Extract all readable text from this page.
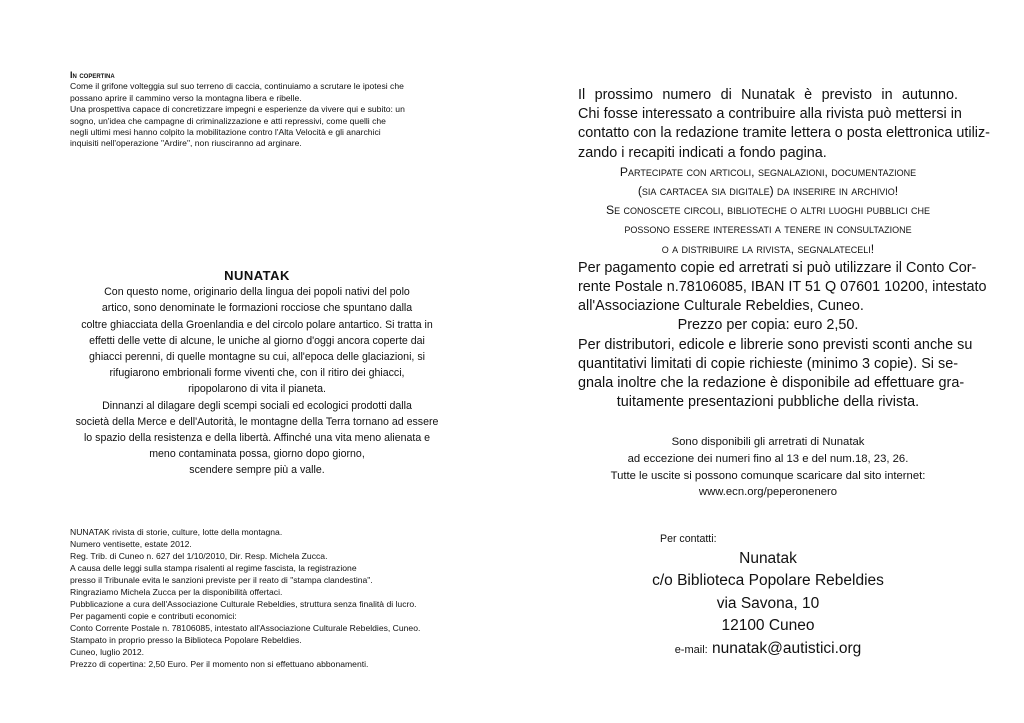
In copertina
Come il grifone volteggia sul suo terreno di caccia, continuiamo a scrutare le ipotesi che
possano aprire il cammino verso la montagna libera e ribelle.
Una prospettiva capace di concretizzare impegni e esperienze da vivere qui e subito: un
sogno, un'idea che campagne di criminalizzazione e atti repressivi, come quelli che
negli ultimi mesi hanno colpito la mobilitazione contro l'Alta Velocità e gli anarchici
inquisiti nell'operazione "Ardire", non riusciranno ad arginare.
NUNATAK
Con questo nome, originario della lingua dei popoli nativi del polo
artico, sono denominate le formazioni rocciose che spuntano dalla
coltre ghiacciata della Groenlandia e del circolo polare antartico. Si tratta in
effetti delle vette di alcune, le uniche al giorno d'oggi ancora coperte dai
ghiacci perenni, di quelle montagne su cui, all'epoca delle glaciazioni, si
rifugiarono embrionali forme viventi che, con il ritiro dei ghiacci,
ripopolarono di vita il pianeta.
Dinnanzi al dilagare degli scempi sociali ed ecologici prodotti dalla
società della Merce e dell'Autorità, le montagne della Terra tornano ad essere
lo spazio della resistenza e della libertà. Affinché una vita meno alienata e
meno contaminata possa, giorno dopo giorno,
scendere sempre più a valle.
NUNATAK rivista di storie, culture, lotte della montagna.
Numero ventisette, estate 2012.
Reg. Trib. di Cuneo n. 627 del 1/10/2010, Dir. Resp. Michela Zucca.
A causa delle leggi sulla stampa risalenti al regime fascista, la registrazione
presso il Tribunale evita le sanzioni previste per il reato di "stampa clandestina".
Ringraziamo Michela Zucca per la disponibilità offertaci.
Pubblicazione a cura dell'Associazione Culturale Rebeldies, struttura senza finalità di lucro.
Per pagamenti copie e contributi economici:
Conto Corrente Postale n. 78106085, intestato all'Associazione Culturale Rebeldies, Cuneo.
Stampato in proprio presso la Biblioteca Popolare Rebeldies.
Cuneo, luglio 2012.
Prezzo di copertina: 2,50 Euro. Per il momento non si effettuano abbonamenti.
Il prossimo numero di Nunatak è previsto in autunno.
Chi fosse interessato a contribuire alla rivista può mettersi in
contatto con la redazione tramite lettera o posta elettronica utiliz-
zando i recapiti indicati a fondo pagina.
Partecipate con articoli, segnalazioni, documentazione
(sia cartacea sia digitale) da inserire in archivio!
Se conoscete circoli, biblioteche o altri luoghi pubblici che
possono essere interessati a tenere in consultazione
o a distribuire la rivista, segnalateceli!
Per pagamento copie ed arretrati si può utilizzare il Conto Cor-
rente Postale n.78106085, IBAN IT 51 Q 07601 10200, intestato
all'Associazione Culturale Rebeldies, Cuneo.
Prezzo per copia: euro 2,50.
Per distributori, edicole e librerie sono previsti sconti anche su
quantitativi limitati di copie richieste (minimo 3 copie). Si se-
gnala inoltre che la redazione è disponibile ad effettuare gra-
tuitamente presentazioni pubbliche della rivista.
Sono disponibili gli arretrati di Nunatak
ad eccezione dei numeri fino al 13 e del num.18, 23, 26.
Tutte le uscite si possono comunque scaricare dal sito internet:
www.ecn.org/peperonenero
Per contatti:
Nunatak
c/o Biblioteca Popolare Rebeldies
via Savona, 10
12100 Cuneo
e-mail: nunatak@autistici.org
